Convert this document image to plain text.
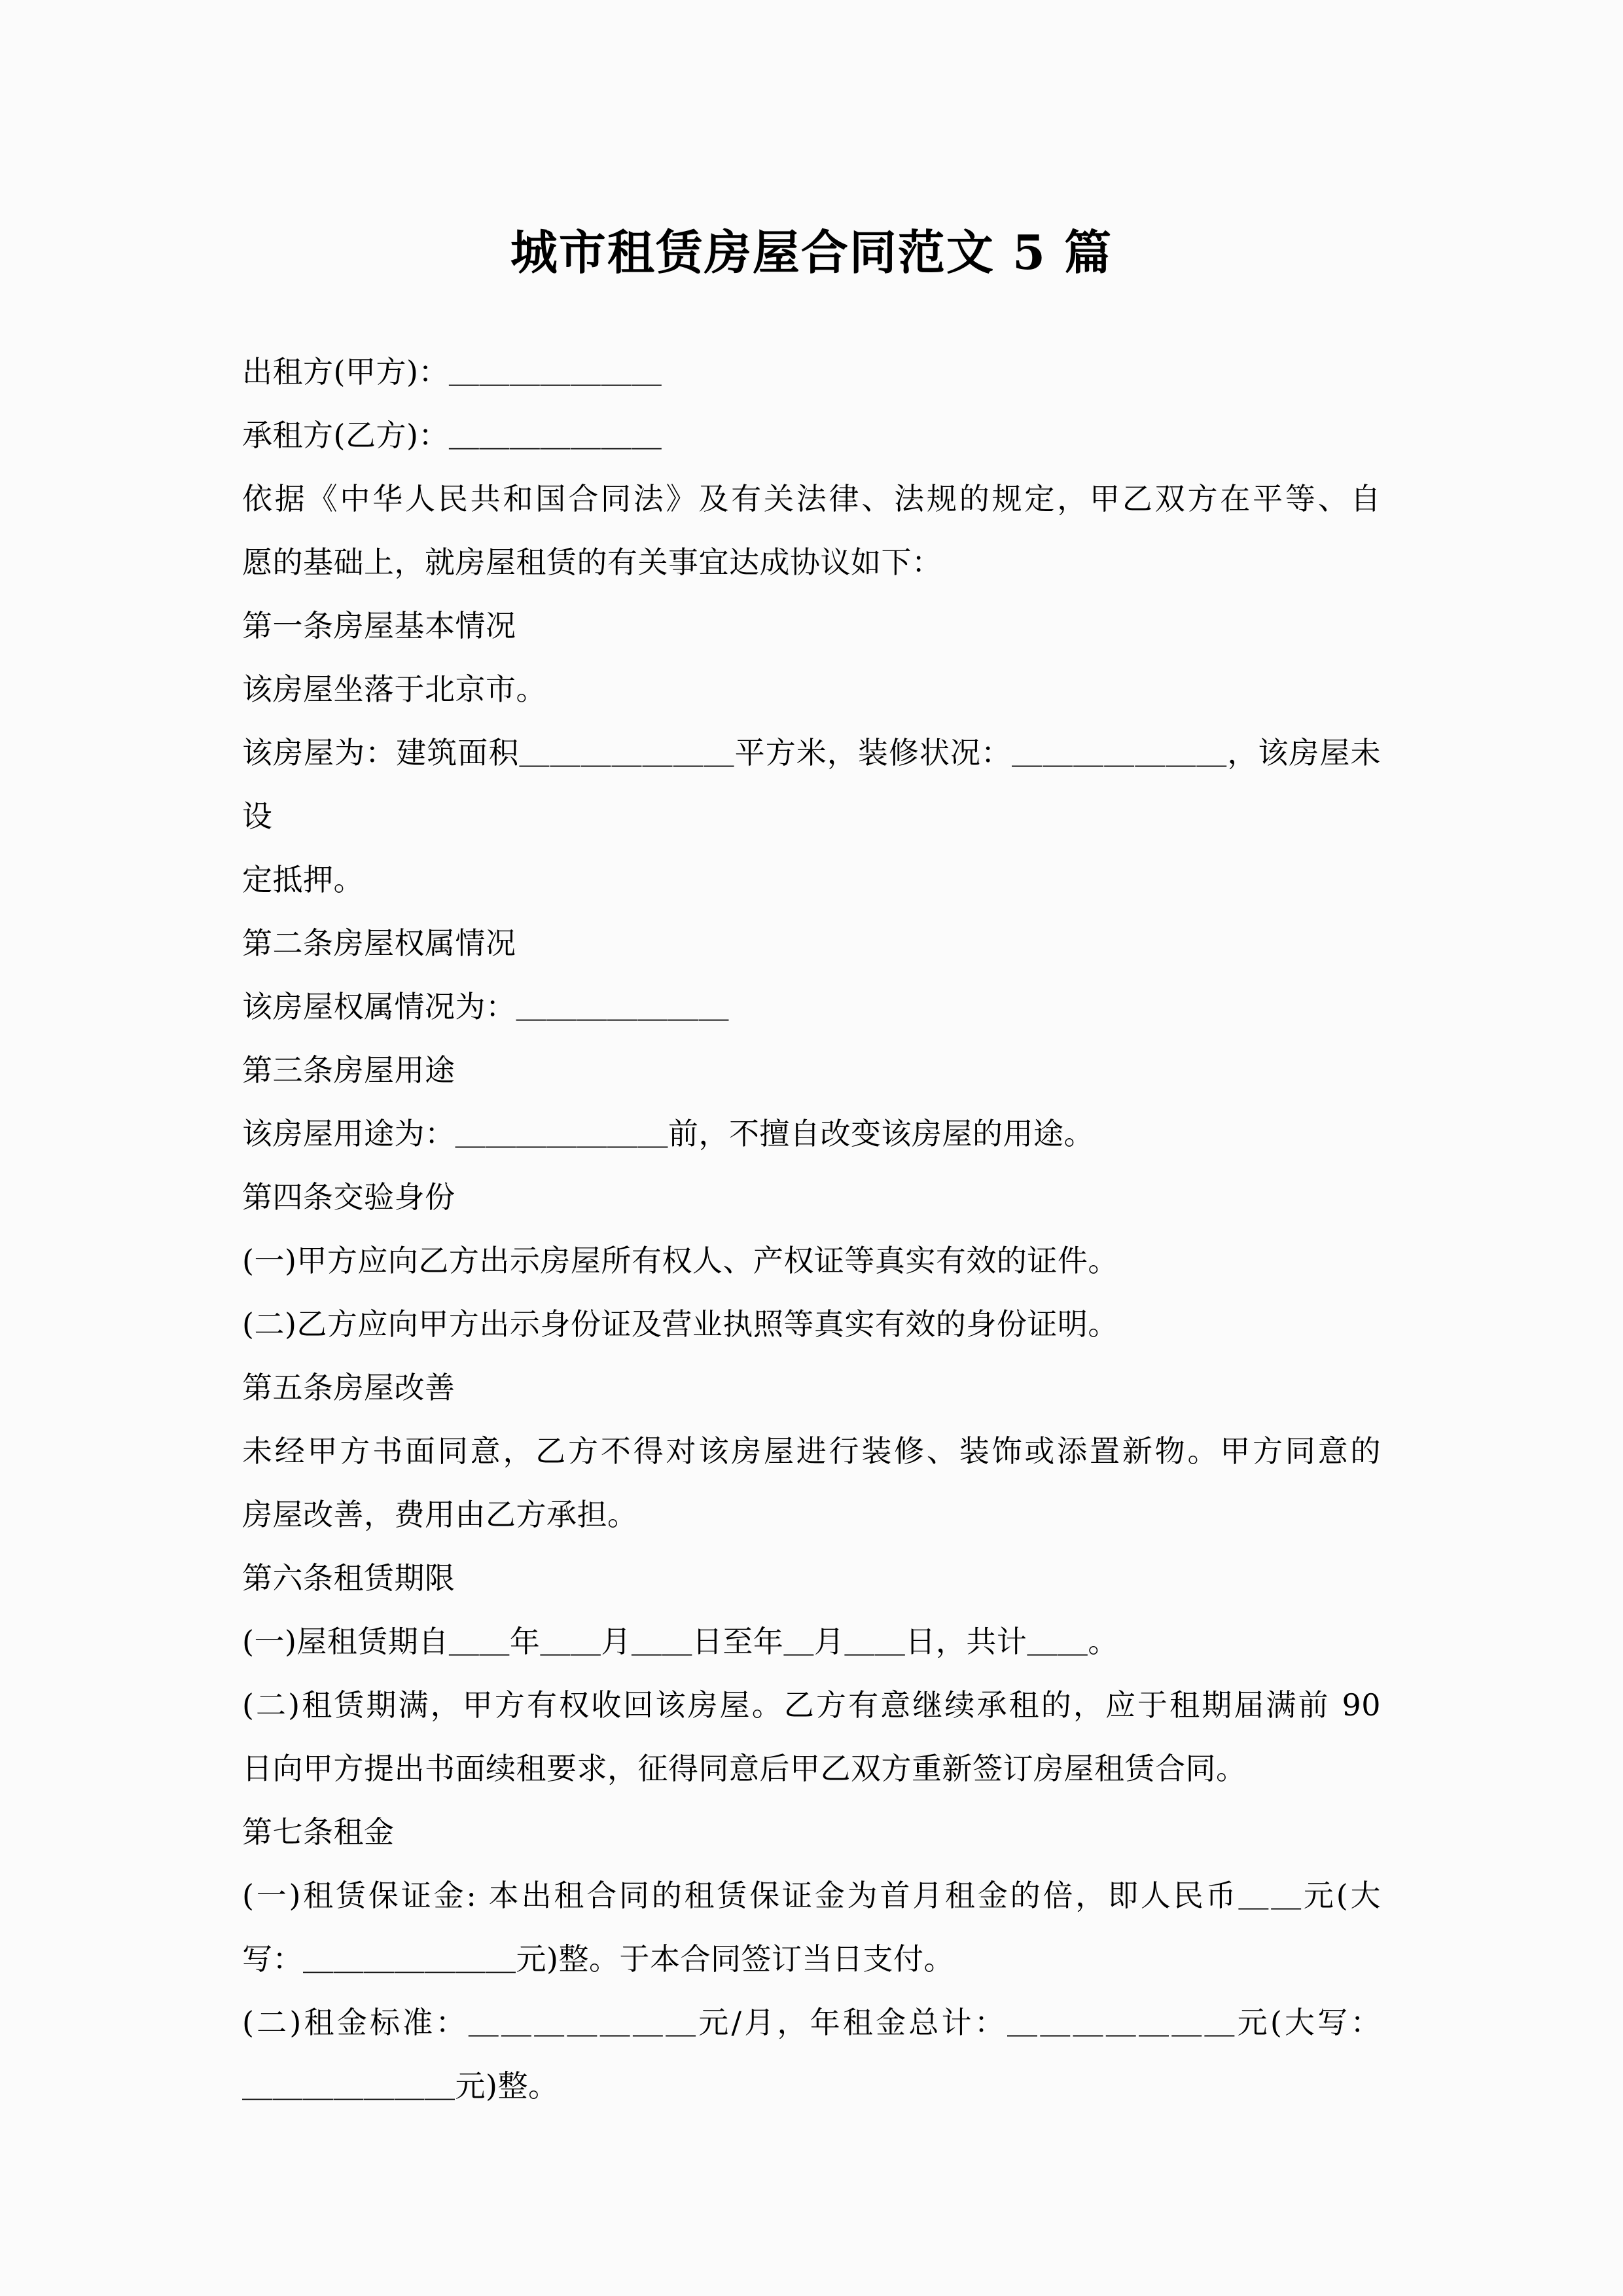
城市租赁房屋合同范文 5 篇

出租方(甲方)：＿＿＿＿＿＿＿

承租方(乙方)：＿＿＿＿＿＿＿

依据《中华人民共和国合同法》及有关法律、法规的规定，甲乙双方在平等、自

愿的基础上，就房屋租赁的有关事宜达成协议如下：

第一条房屋基本情况

该房屋坐落于北京市。

该房屋为：建筑面积＿＿＿＿＿＿＿平方米，装修状况：＿＿＿＿＿＿＿，该房屋未设

定抵押。

第二条房屋权属情况

该房屋权属情况为：＿＿＿＿＿＿＿

第三条房屋用途

该房屋用途为：＿＿＿＿＿＿＿前，不擅自改变该房屋的用途。

第四条交验身份

(一)甲方应向乙方出示房屋所有权人、产权证等真实有效的证件。

(二)乙方应向甲方出示身份证及营业执照等真实有效的身份证明。

第五条房屋改善

未经甲方书面同意，乙方不得对该房屋进行装修、装饰或添置新物。甲方同意的

房屋改善，费用由乙方承担。

第六条租赁期限

(一)屋租赁期自＿＿年＿＿月＿＿日至年＿月＿＿日，共计＿＿。

(二)租赁期满，甲方有权收回该房屋。乙方有意继续承租的，应于租期届满前 90

日向甲方提出书面续租要求，征得同意后甲乙双方重新签订房屋租赁合同。

第七条租金

(一)租赁保证金: 本出租合同的租赁保证金为首月租金的倍，即人民币＿＿元(大

写：＿＿＿＿＿＿＿元)整。于本合同签订当日支付。

(二)租金标准：＿＿＿＿＿＿＿元/月，年租金总计：＿＿＿＿＿＿＿元(大写：

＿＿＿＿＿＿＿元)整。
